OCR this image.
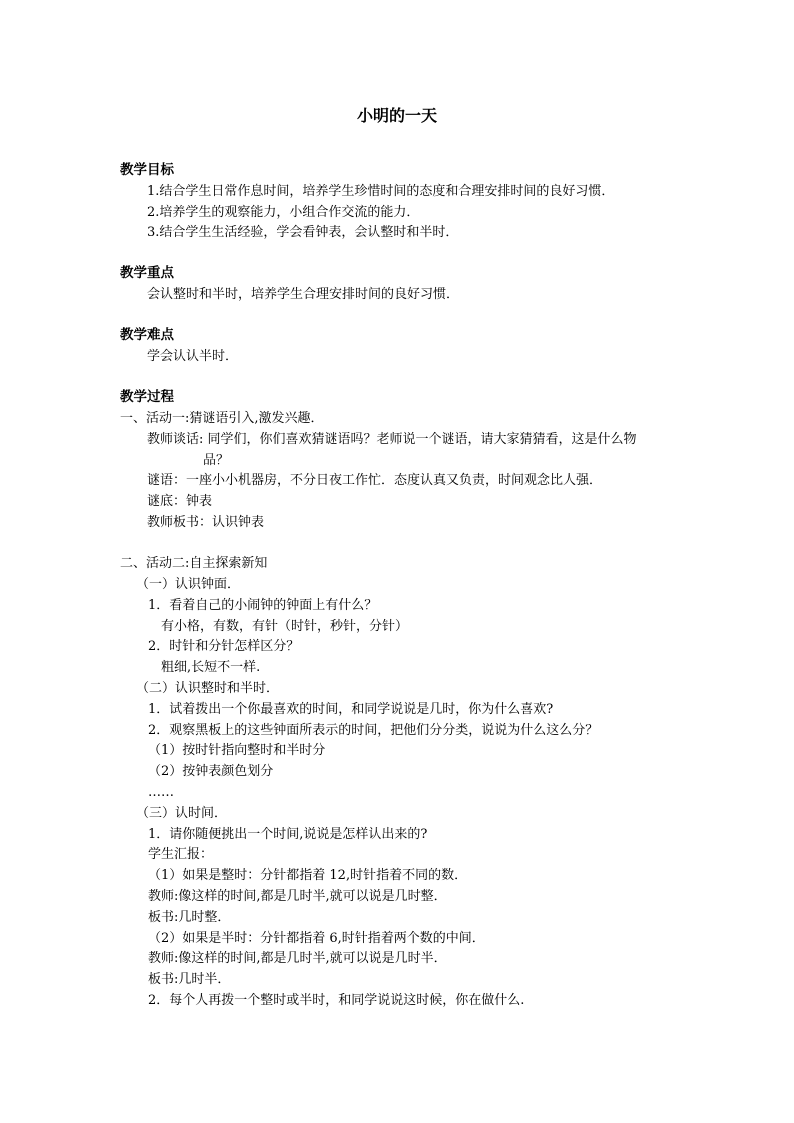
小明的一天
教学目标
1.结合学生日常作息时间，培养学生珍惜时间的态度和合理安排时间的良好习惯．
2.培养学生的观察能力，小组合作交流的能力．
3.结合学生生活经验，学会看钟表，会认整时和半时．
教学重点
会认整时和半时，培养学生合理安排时间的良好习惯．
教学难点
学会认认半时．
教学过程
一、活动一:猜谜语引入,激发兴趣．
教师谈话: 同学们，你们喜欢猜谜语吗？老师说一个谜语，请大家猜猜看，这是什么物
品？
谜语：一座小小机器房，不分日夜工作忙．态度认真又负责，时间观念比人强．
谜底：钟表
教师板书：认识钟表
二、活动二:自主探索新知
（一）认识钟面．
1．看着自己的小闹钟的钟面上有什么？
有小格，有数，有针（时针，秒针，分针）
2．时针和分针怎样区分？
粗细,长短不一样.
（二）认识整时和半时．
1．试着拨出一个你最喜欢的时间，和同学说说是几时，你为什么喜欢?
2．观察黑板上的这些钟面所表示的时间，把他们分分类，说说为什么这么分？
（1）按时针指向整时和半时分
（2）按钟表颜色划分
……
（三）认时间．
1．请你随便挑出一个时间,说说是怎样认出来的?
学生汇报：
（1）如果是整时：分针都指着 12,时针指着不同的数．
教师:像这样的时间,都是几时半,就可以说是几时整．
板书:几时整．
（2）如果是半时：分针都指着 6,时针指着两个数的中间．
教师:像这样的时间,都是几时半,就可以说是几时半．
板书:几时半．
2．每个人再拨一个整时或半时，和同学说说这时候，你在做什么.
